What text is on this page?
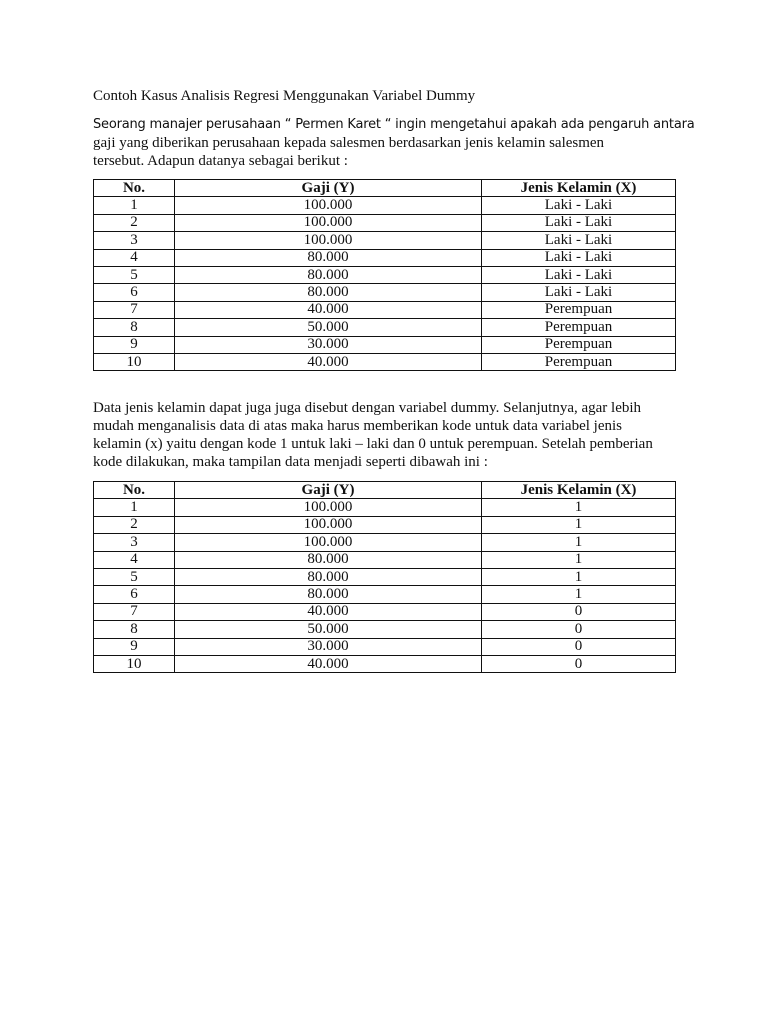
Contoh Kasus Analisis Regresi Menggunakan Variabel Dummy
Seorang manajer perusahaan “ Permen Karet “ ingin mengetahui apakah ada pengaruh antara
gaji yang diberikan perusahaan kepada salesmen berdasarkan jenis kelamin salesmen
tersebut. Adapun datanya sebagai berikut :
No.	Gaji (Y)	Jenis Kelamin (X)
1	100.000	Laki - Laki
2	100.000	Laki - Laki
3	100.000	Laki - Laki
4	80.000	Laki - Laki
5	80.000	Laki - Laki
6	80.000	Laki - Laki
7	40.000	Perempuan
8	50.000	Perempuan
9	30.000	Perempuan
10	40.000	Perempuan
Data jenis kelamin dapat juga juga disebut dengan variabel dummy. Selanjutnya, agar lebih
mudah menganalisis data di atas maka harus memberikan kode untuk data variabel jenis
kelamin (x) yaitu dengan kode 1 untuk laki – laki dan 0 untuk perempuan. Setelah pemberian
kode dilakukan, maka tampilan data menjadi seperti dibawah ini :
No.	Gaji (Y)	Jenis Kelamin (X)
1	100.000	1
2	100.000	1
3	100.000	1
4	80.000	1
5	80.000	1
6	80.000	1
7	40.000	0
8	50.000	0
9	30.000	0
10	40.000	0
